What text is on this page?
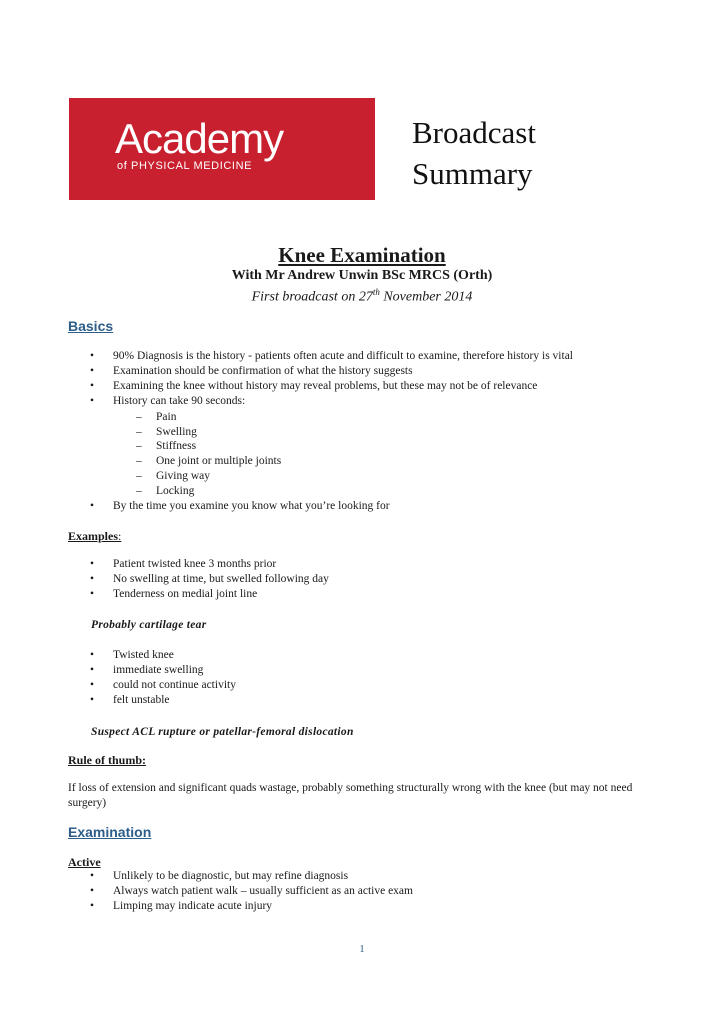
Academy
of PHYSICAL MEDICINE
Broadcast
Summary
Knee Examination
With Mr Andrew Unwin BSc MRCS (Orth)
First broadcast on 27th November 2014
Basics
• 90% Diagnosis is the history - patients often acute and difficult to examine, therefore history is vital
• Examination should be confirmation of what the history suggests
• Examining the knee without history may reveal problems, but these may not be of relevance
• History can take 90 seconds:
– Pain
– Swelling
– Stiffness
– One joint or multiple joints
– Giving way
– Locking
• By the time you examine you know what you’re looking for
Examples:
• Patient twisted knee 3 months prior
• No swelling at time, but swelled following day
• Tenderness on medial joint line
Probably cartilage tear
• Twisted knee
• immediate swelling
• could not continue activity
• felt unstable
Suspect ACL rupture or patellar-femoral dislocation
Rule of thumb:
If loss of extension and significant quads wastage, probably something structurally wrong with the knee (but may not need surgery)
Examination
Active
• Unlikely to be diagnostic, but may refine diagnosis
• Always watch patient walk – usually sufficient as an active exam
• Limping may indicate acute injury
1
